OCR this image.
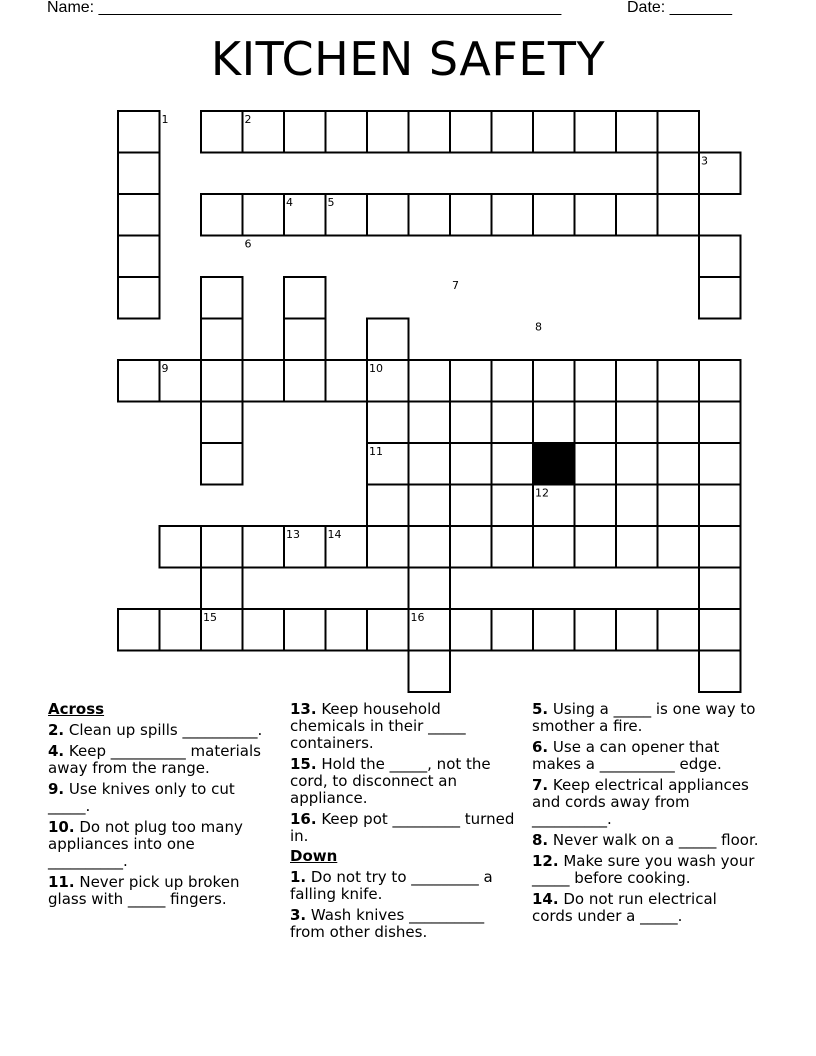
Name: ____________________________________________________	Date: _______
KITCHEN SAFETY
1	2
3
4	5
6
7
8
9	10
11
12
13	14
15	16
Across
2. Clean up spills __________.
4. Keep __________ materials away from the range.
9. Use knives only to cut _____.
10. Do not plug too many appliances into one __________.
11. Never pick up broken glass with _____ fingers.
13. Keep household chemicals in their _____ containers.
15. Hold the _____, not the cord, to disconnect an appliance.
16. Keep pot _________ turned in.
Down
1. Do not try to _________ a falling knife.
3. Wash knives __________ from other dishes.
5. Using a _____ is one way to smother a fire.
6. Use a can opener that makes a __________ edge.
7. Keep electrical appliances and cords away from __________.
8. Never walk on a _____ floor.
12. Make sure you wash your _____ before cooking.
14. Do not run electrical cords under a _____.
